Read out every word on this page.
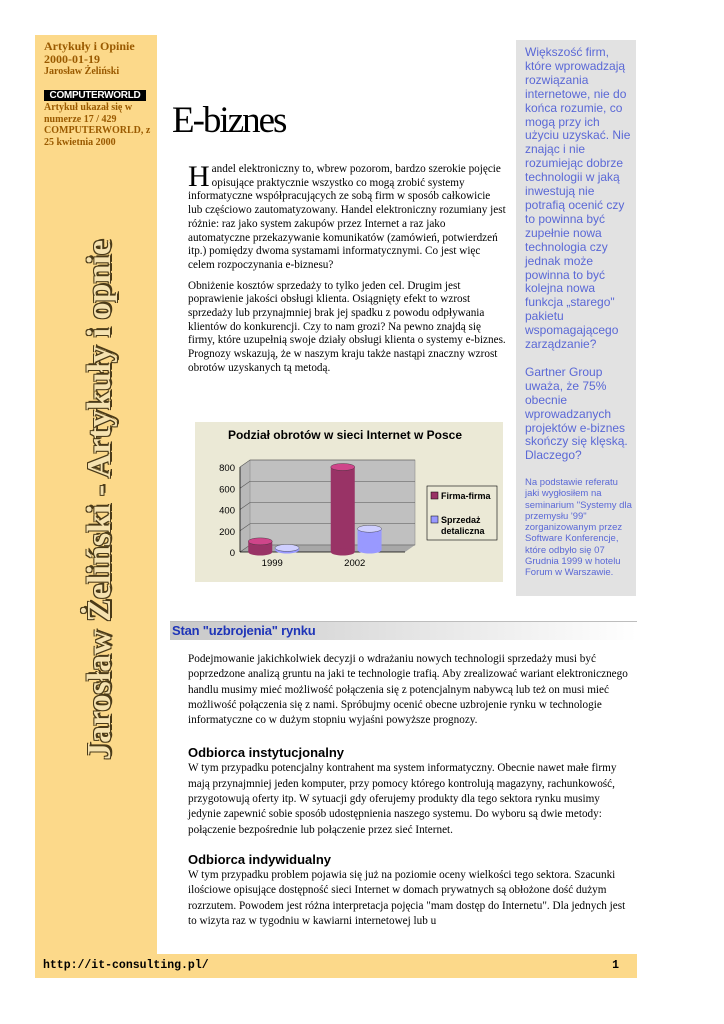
Artykuły i Opinie
2000-01-19
Jarosław Żeliński
COMPUTERWORLD
Artykuł ukazał się w numerze 17 / 429 COMPUTERWORLD, z 25 kwietnia 2000
Jarosław Żeliński - Artykuły i opnie
E-biznes

Handel elektroniczny to, wbrew pozorom, bardzo szerokie pojęcie opisujące praktycznie wszystko co mogą zrobić systemy informatyczne współpracujących ze sobą firm w sposób całkowicie lub częściowo zautomatyzowany. Handel elektroniczny rozumiany jest różnie: raz jako system zakupów przez Internet a raz jako automatyczne przekazywanie komunikatów (zamówień, potwierdzeń itp.) pomiędzy dwoma systamami informatycznymi. Co jest więc celem rozpoczynania e-biznesu?

Obniżenie kosztów sprzedaży to tylko jeden cel. Drugim jest poprawienie jakości obsługi klienta. Osiągnięty efekt to wzrost sprzedaży lub przynajmniej brak jej spadku z powodu odpływania klientów do konkurencji. Czy to nam grozi? Na pewno znajdą się firmy, które uzupełnią swoje działy obsługi klienta o systemy e-biznes. Prognozy wskazują, że w naszym kraju także nastąpi znaczny wzrost obrotów uzyskanych tą metodą.

Podział obrotów w sieci Internet w Posce
0
200
400
600
800
1999	2002
Firma-firma
Sprzedaż detaliczna

Większość firm, które wprowadzają rozwiązania internetowe, nie do końca rozumie, co mogą przy ich użyciu uzyskać. Nie znając i nie rozumiejąc dobrze technologii w jaką inwestują nie potrafią ocenić czy to powinna być zupełnie nowa technologia czy jednak może powinna to być kolejna nowa funkcja „starego" pakietu wspomagającego zarządzanie?

Gartner Group uważa, że 75% obecnie wprowadzanych projektów e-biznes skończy się klęską. Dlaczego?

Na podstawie referatu jaki wygłosiłem na seminarium "Systemy dla przemysłu '99" zorganizowanym przez Software Konferencje, które odbyło się 07 Grudnia 1999 w hotelu Forum w Warszawie.

Stan "uzbrojenia" rynku

Podejmowanie jakichkolwiek decyzji o wdrażaniu nowych technologii sprzedaży musi być poprzedzone analizą gruntu na jaki te technologie trafią. Aby zrealizować wariant elektronicznego handlu musimy mieć możliwość połączenia się z potencjalnym nabywcą lub też on musi mieć możliwość połączenia się z nami. Spróbujmy ocenić obecne uzbrojenie rynku w technologie informatyczne co w dużym stopniu wyjaśni powyższe prognozy.

Odbiorca instytucjonalny

W tym przypadku potencjalny kontrahent ma system informatyczny. Obecnie nawet małe firmy mają przynajmniej jeden komputer, przy pomocy którego kontrolują magazyny, rachunkowość, przygotowują oferty itp. W sytuacji gdy oferujemy produkty dla tego sektora rynku musimy jedynie zapewnić sobie sposób udostępnienia naszego systemu. Do wyboru są dwie metody: połączenie bezpośrednie lub połączenie przez sieć Internet.

Odbiorca indywidualny

W tym przypadku problem pojawia się już na poziomie oceny wielkości tego sektora. Szacunki ilościowe opisujące dostępność sieci Internet w domach prywatnych są obłożone dość dużym rozrzutem. Powodem jest różna interpretacja pojęcia "mam dostęp do Internetu". Dla jednych jest to wizyta raz w tygodniu w kawiarni internetowej lub u

http://it-consulting.pl/	1
